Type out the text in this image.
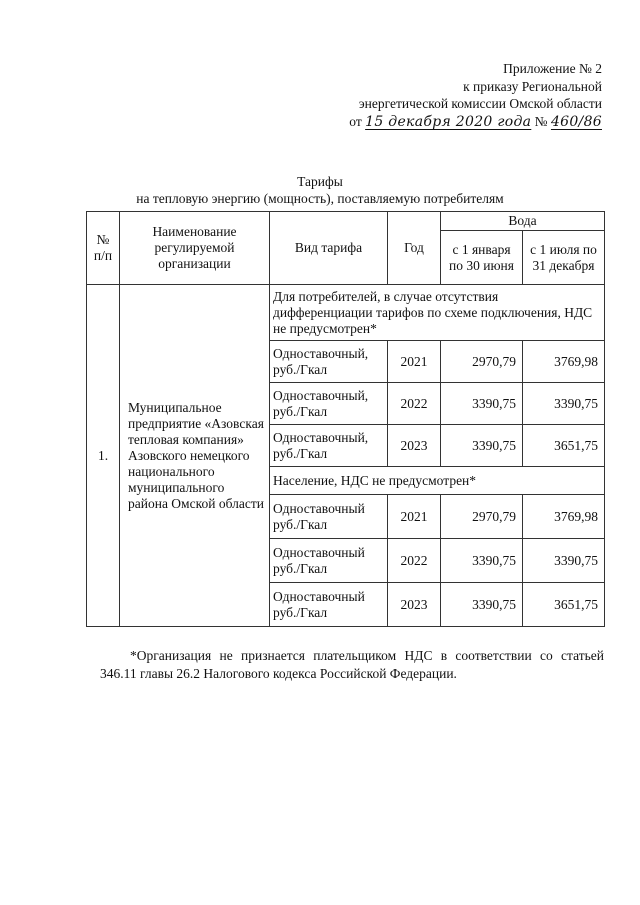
Приложение № 2
к приказу Региональной
энергетической комиссии Омской области
от 15 декабря 2020 года № 460/86
Тарифы
на тепловую энергию (мощность), поставляемую потребителям
№ п/п	Наименование регулируемой организации	Вид тарифа	Год	Вода	
				с 1 января по 30 июня	с 1 июля по 31 декабря
1.	Муниципальное предприятие «Азовская тепловая компания» Азовского немецкого национального муниципального района Омской области	Для потребителей, в случае отсутствия дифференциации тарифов по схеме подключения, НДС не предусмотрен*			
		Одноставочный, руб./Гкал	2021	2970,79	3769,98
		Одноставочный, руб./Гкал	2022	3390,75	3390,75
		Одноставочный, руб./Гкал	2023	3390,75	3651,75
		Население, НДС не предусмотрен*			
		Одноставочный руб./Гкал	2021	2970,79	3769,98
		Одноставочный руб./Гкал	2022	3390,75	3390,75
		Одноставочный руб./Гкал	2023	3390,75	3651,75
*Организация не признается плательщиком НДС в соответствии со статьей 346.11 главы 26.2 Налогового кодекса Российской Федерации.
